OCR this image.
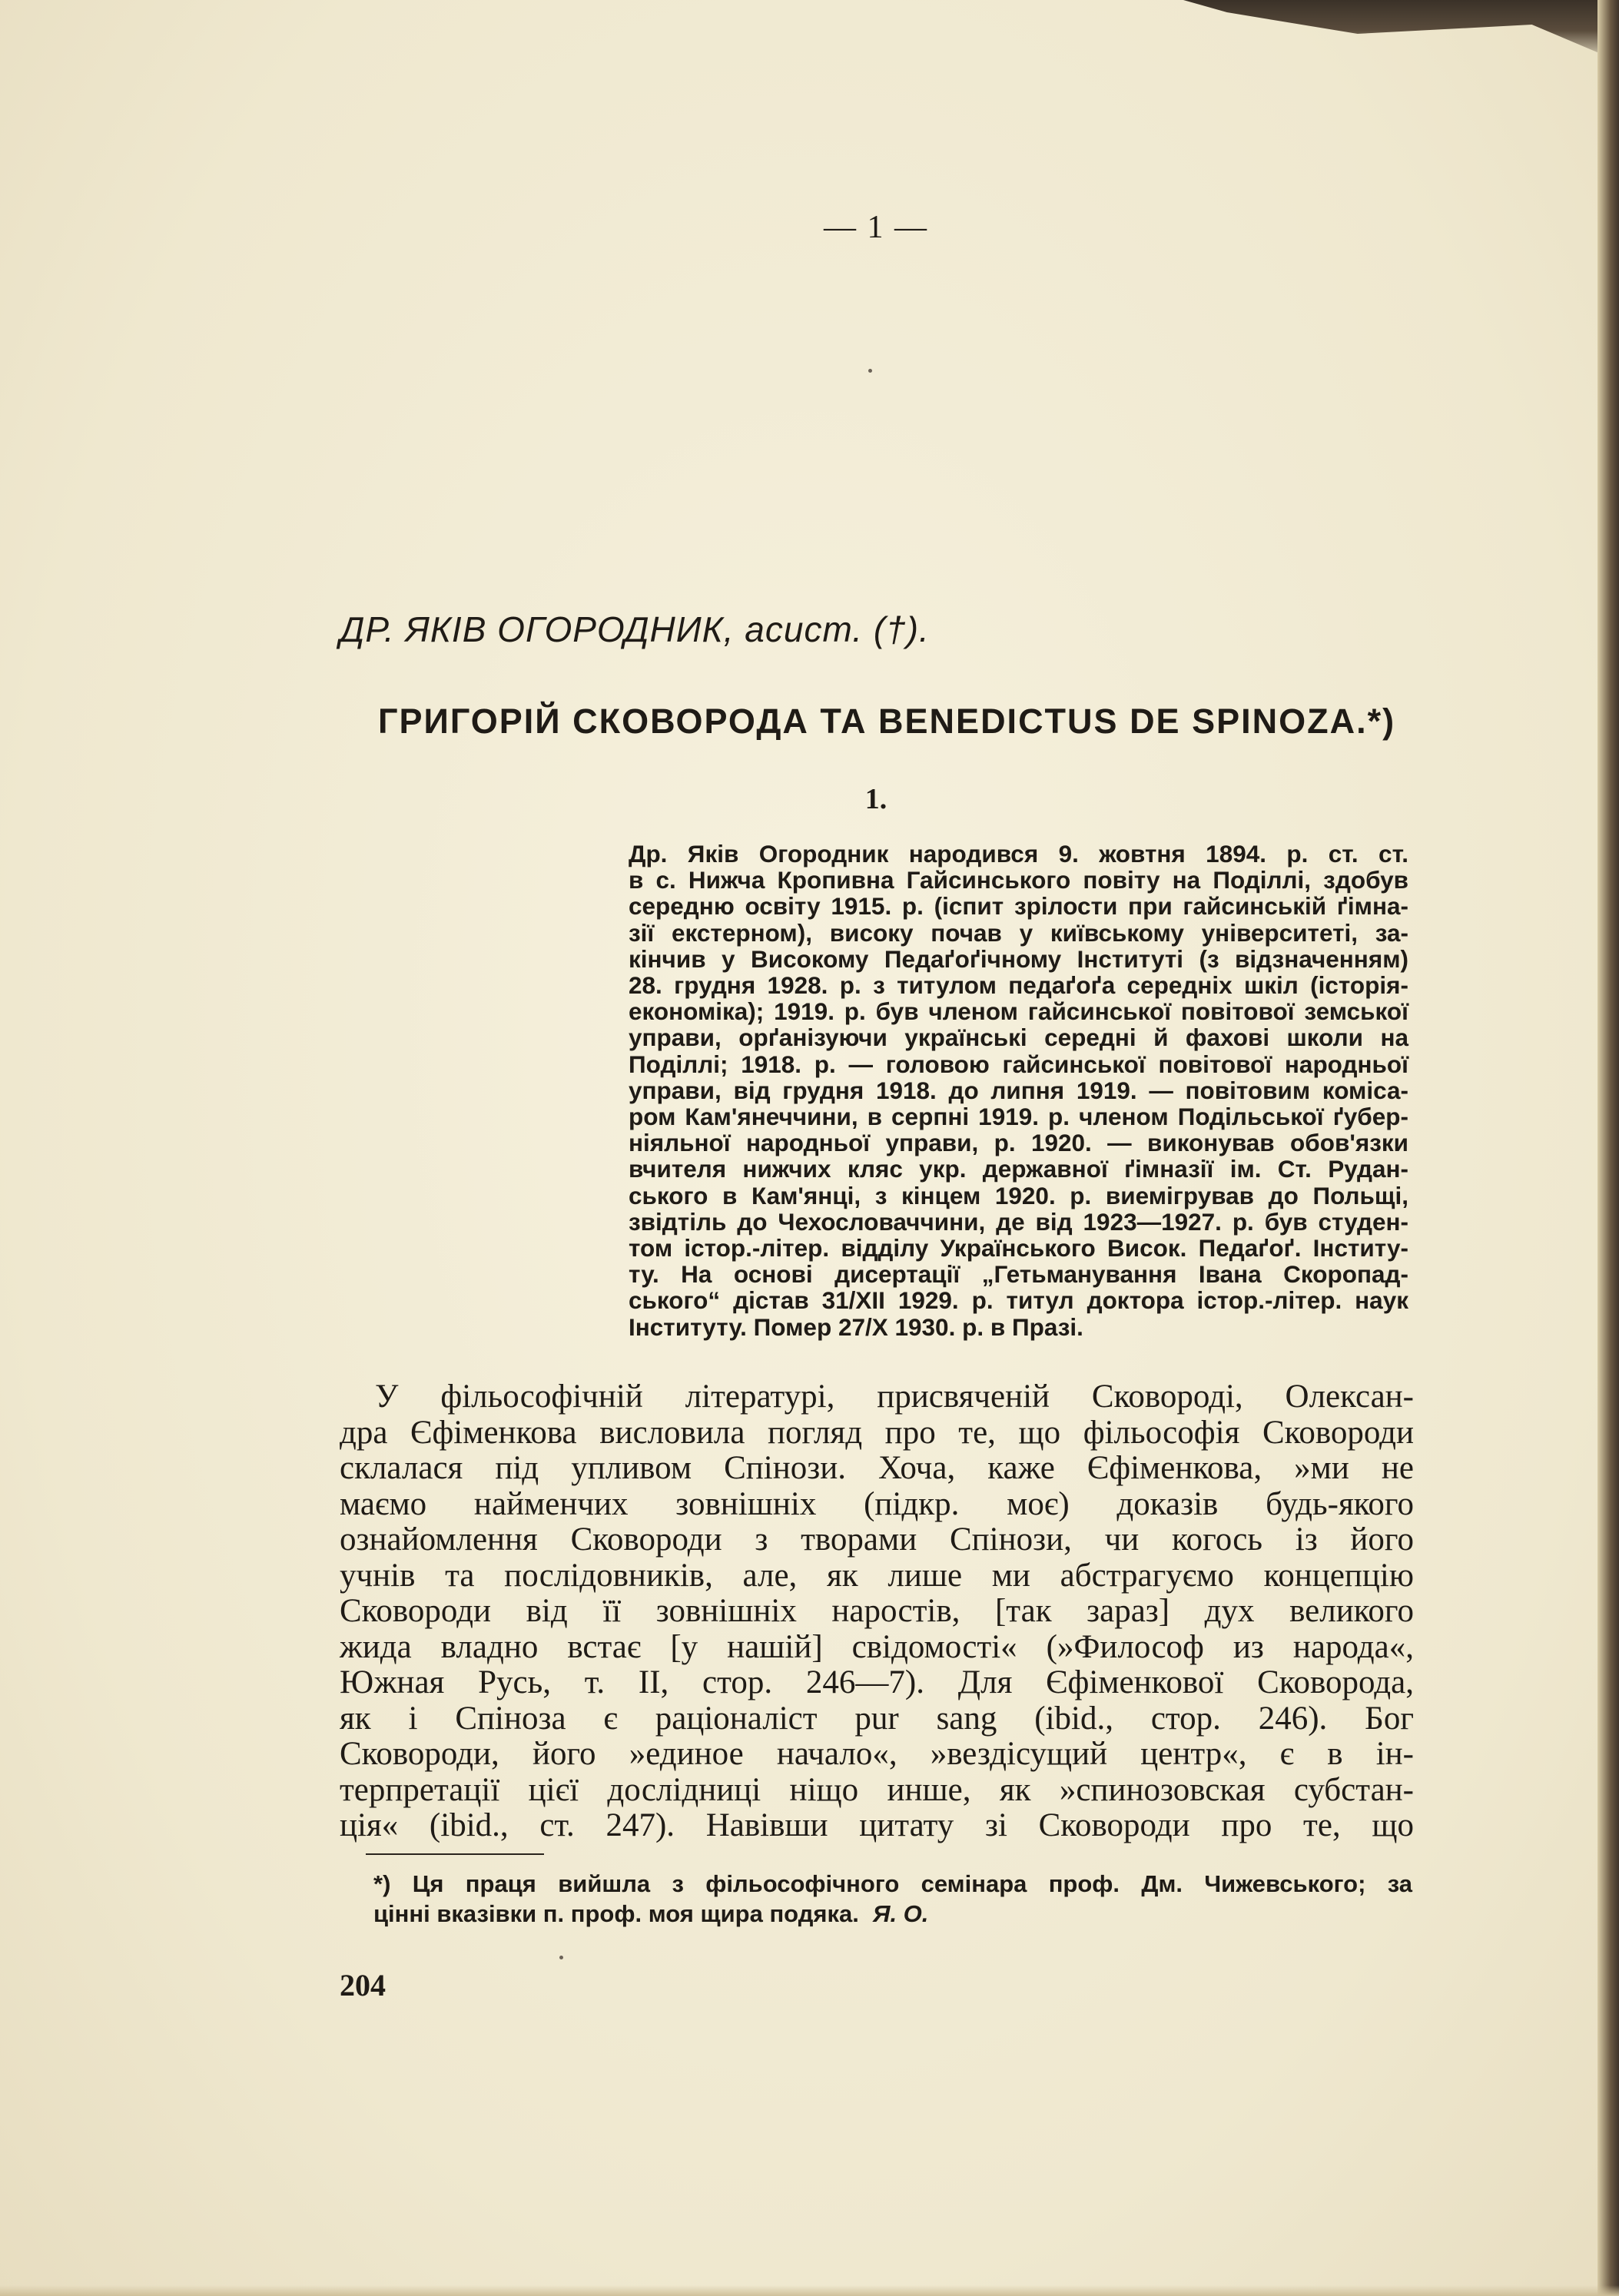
— 1 —
ДР. ЯКІВ ОГОРОДНИК, асист. (†).
ГРИГОРІЙ СКОВОРОДА ТА BENEDICTUS DE SPINOZA.*)
1.
Др. Яків Огородник народився 9. жовтня 1894. р. ст. ст.
в с. Нижча Кропивна Гайсинського повіту на Поділлі, здобув
середню освіту 1915. р. (іспит зрілости при гайсинській ґімна-
зії екстерном), високу почав у київському університеті, за-
кінчив у Високому Педаґоґічному Інституті (з відзначенням)
28. грудня 1928. р. з титулом педаґоґа середніх шкіл (історія-
економіка); 1919. р. був членом гайсинської повітової земської
управи, орґанізуючи українські середні й фахові школи на
Поділлі; 1918. р. — головою гайсинської повітової народньої
управи, від грудня 1918. до липня 1919. — повітовим коміса-
ром Кам'янеччини, в серпні 1919. р. членом Подільської ґубер-
ніяльної народньої управи, р. 1920. — виконував обов'язки
вчителя нижчих кляс укр. державної ґімназії ім. Ст. Рудан-
ського в Кам'янці, з кінцем 1920. р. виемігрував до Польщі,
звідтіль до Чехословаччини, де від 1923—1927. р. був студен-
том істор.-літер. відділу Українського Висок. Педаґоґ. Інститу-
ту. На основі дисертації „Гетьманування Івана Скоропад-
ського“ дістав 31/XII 1929. р. титул доктора істор.-літер. наук
Інституту. Помер 27/X 1930. р. в Празі.
У фільософічній літературі, присвяченій Сковороді, Олексан-
дра Єфіменкова висловила погляд про те, що фільософія Сковороди
склалася під упливом Спінози. Хоча, каже Єфіменкова, »ми не
маємо найменчих зовнішніх (підкр. моє) доказів будь-якого
ознайомлення Сковороди з творами Спінози, чи когось із його
учнів та послідовників, але, як лише ми абстрагуємо концепцію
Сковороди від її зовнішніх наростів, [так зараз] дух великого
жида владно встає [у нашій] свідомості« (»Философ из народа«,
Южная Русь, т. II, стор. 246—7). Для Єфіменкової Сковорода,
як і Спіноза є раціоналіст pur sang (ibid., стор. 246). Бог
Сковороди, його »единое начало«, »вездісущий центр«, є в ін-
терпретації цієї дослідниці ніщо инше, як »спинозовская субстан-
ція« (ibid., ст. 247). Навівши цитату зі Сковороди про те, що
*) Ця праця вийшла з фільософічного семінара проф. Дм. Чижевського; за
цінні вказівки п. проф. моя щира подяка. Я. О.
204
